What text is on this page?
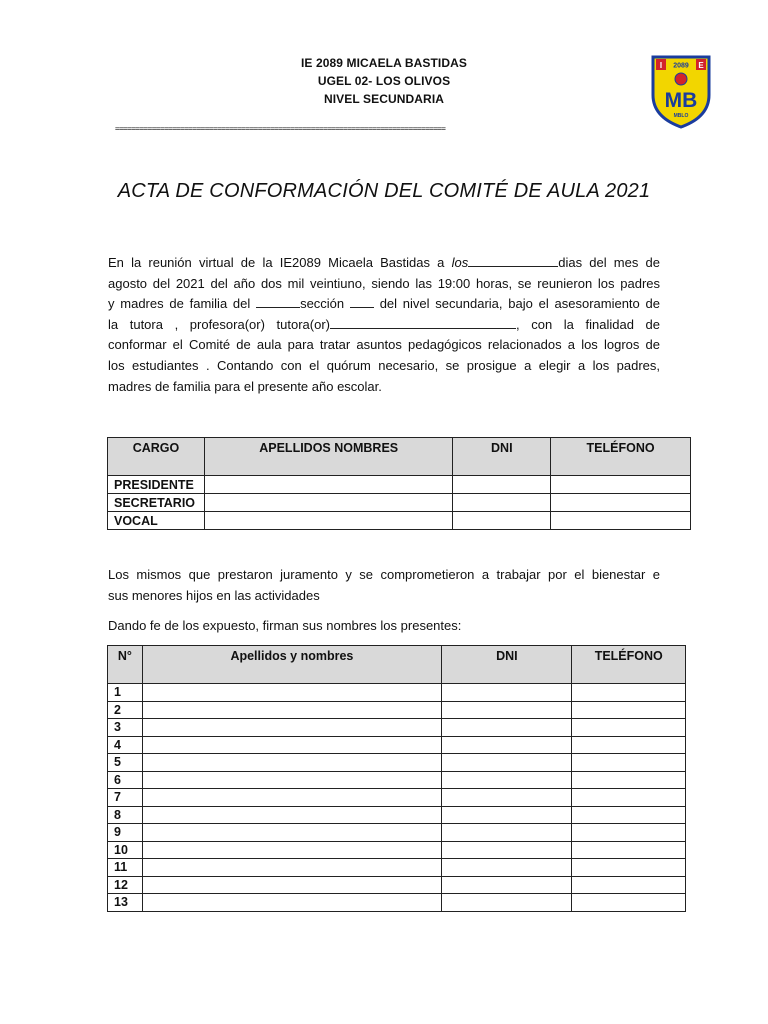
IE 2089 MICAELA BASTIDAS
UGEL 02- LOS OLIVOS
NIVEL SECUNDARIA
I 2089 E
MB
MBLO
=================================================================================
ACTA DE CONFORMACIÓN DEL COMITÉ DE AULA 2021
En la reunión virtual de la IE2089 Micaela Bastidas a los	dias del mes de
agosto del 2021 del año dos mil veintiuno, siendo las 19:00 horas, se reunieron los padres
y madres de familia del	sección  del nivel secundaria, bajo el asesoramiento de
la tutora , profesora(or) tutora(or)	, con la finalidad de
conformar el Comité de aula para tratar asuntos pedagógicos relacionados a los logros de
los estudiantes . Contando con el quórum necesario, se prosigue a elegir a los padres,
madres de familia para el presente año escolar.
CARGO	APELLIDOS NOMBRES	DNI	TELÉFONO
PRESIDENTE			
SECRETARIO			
VOCAL			
Los mismos que prestaron juramento y se comprometieron a trabajar por el bienestar e
sus menores hijos en las actividades
Dando fe de los expuesto, firman sus nombres los presentes:
N°	Apellidos y nombres	DNI	TELÉFONO
1			
2			
3			
4			
5			
6			
7			
8			
9			
10			
11			
12			
13			
